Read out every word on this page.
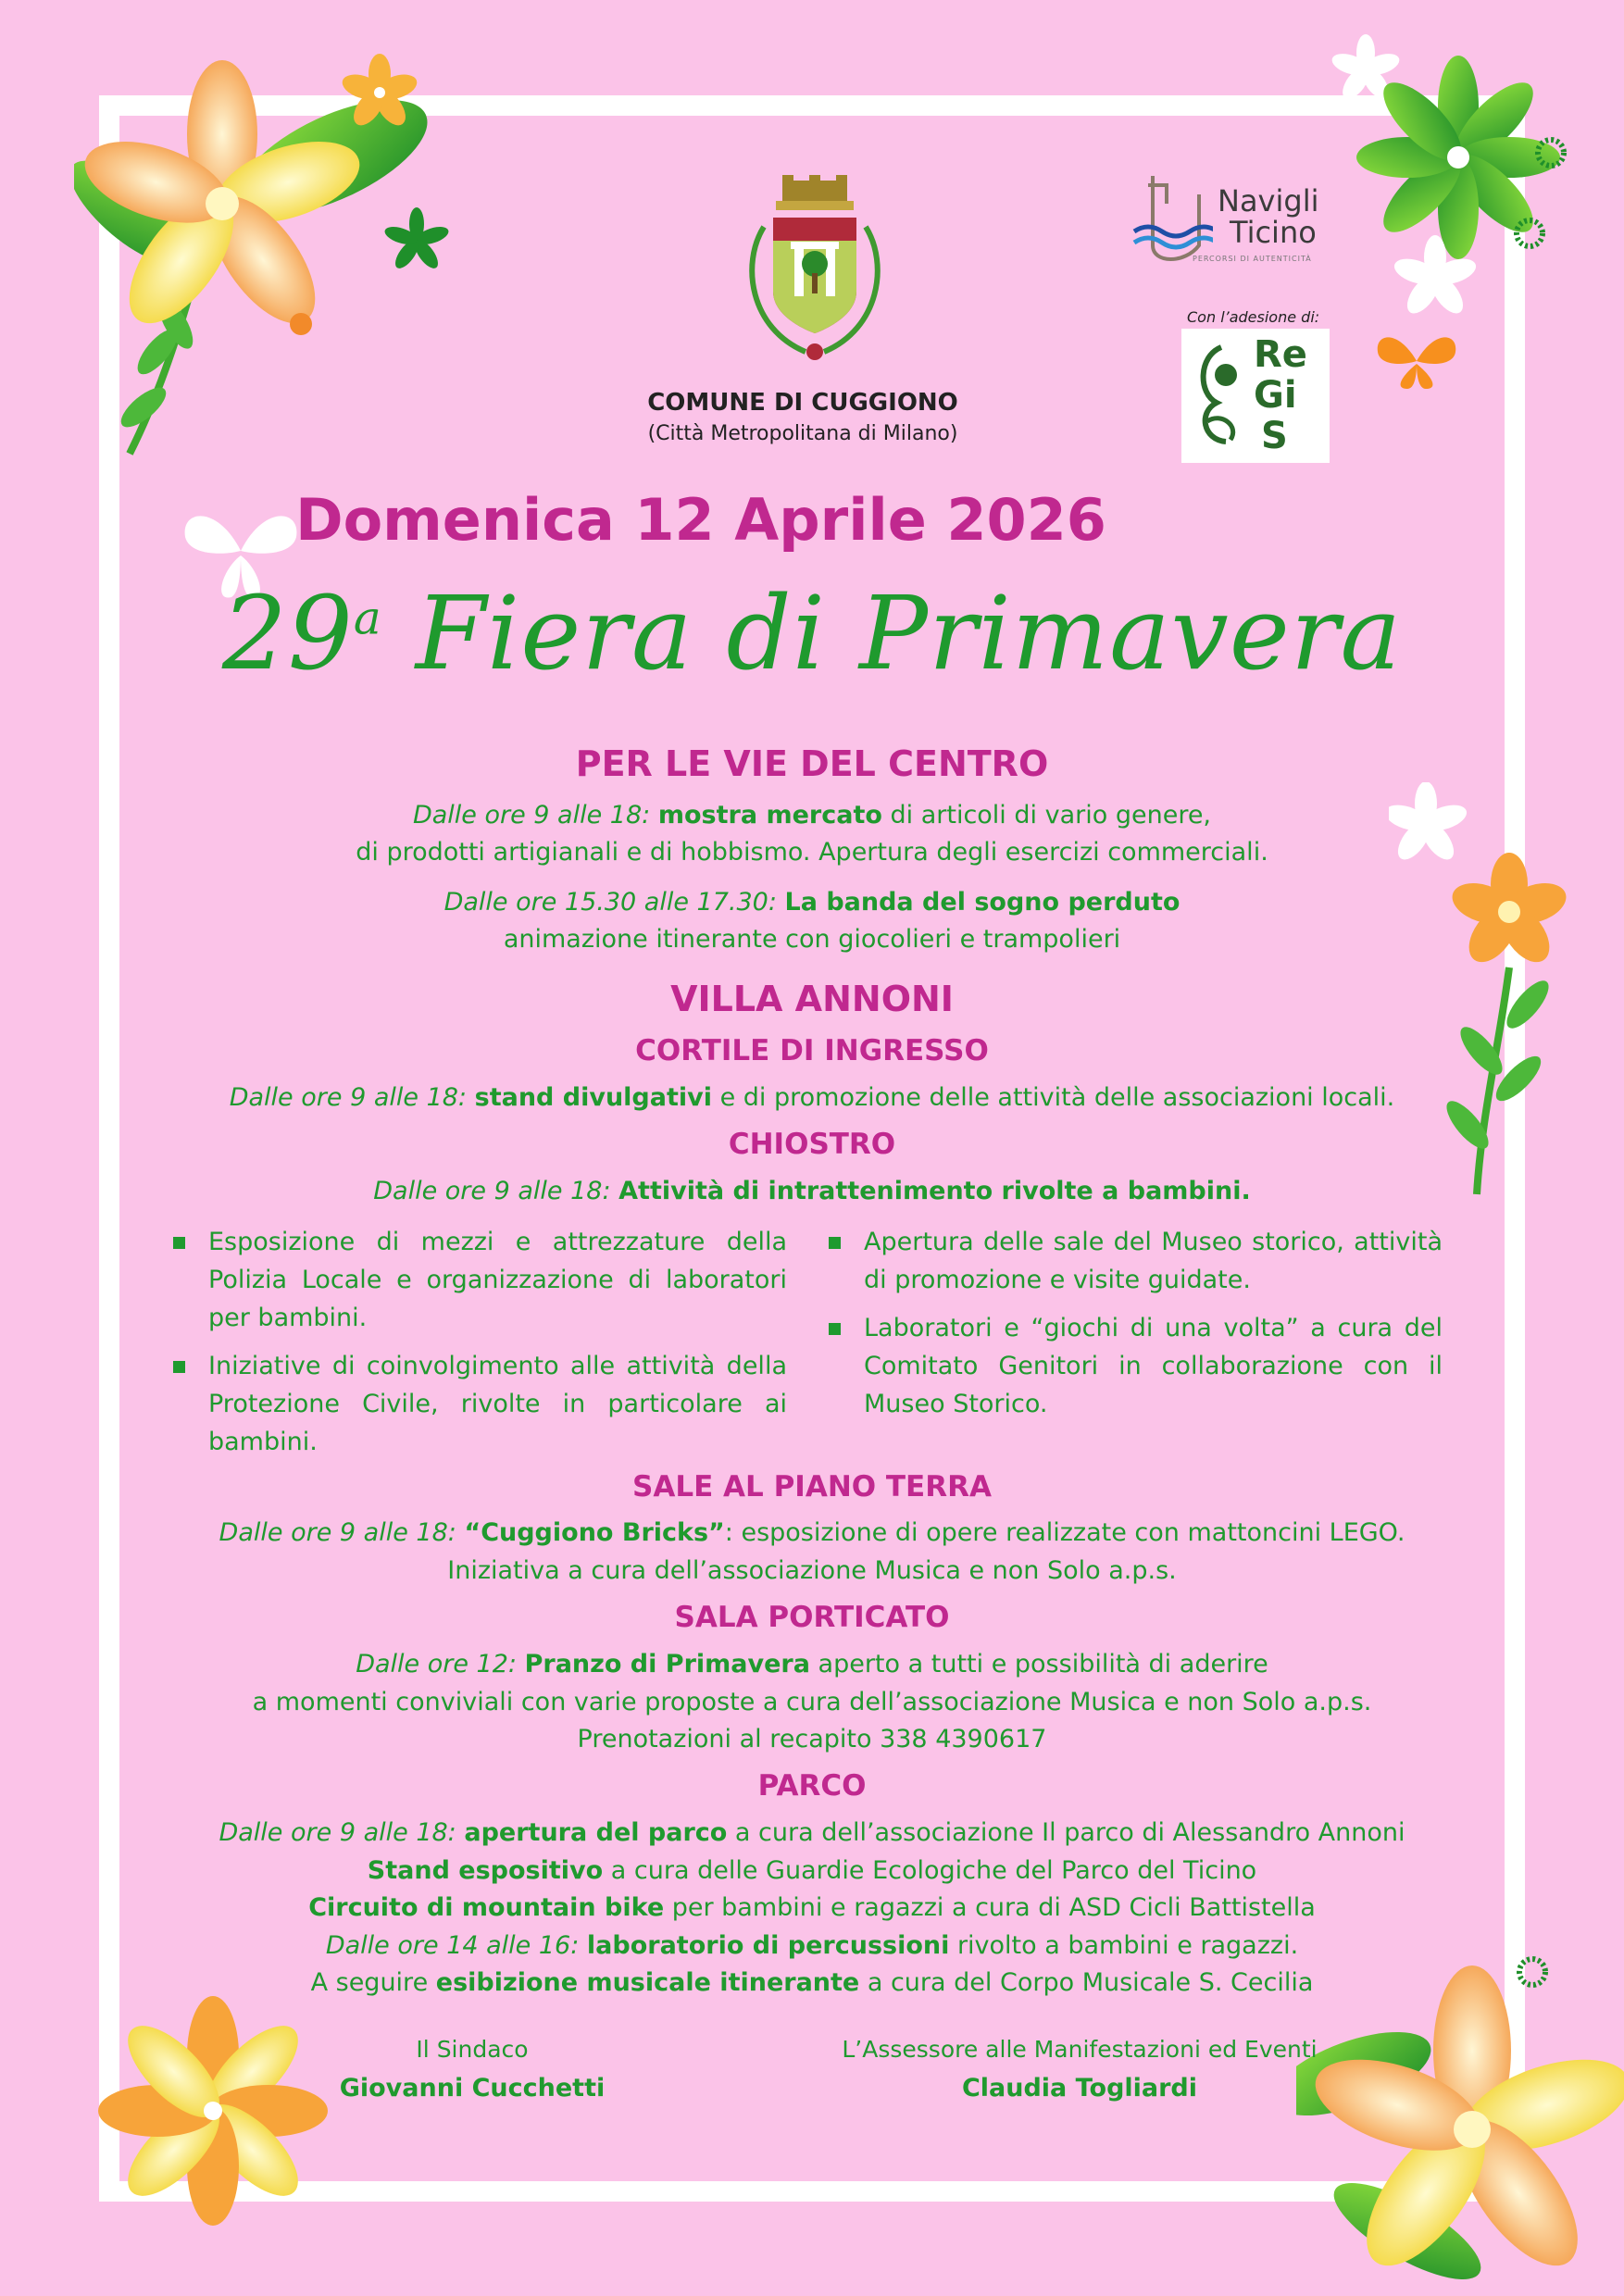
COMUNE DI CUGGIONO
(Città Metropolitana di Milano)
Navigli
Ticino
PERCORSI DI AUTENTICITÀ
Con l’adesione di:
Re
Gi
S
Domenica 12 Aprile 2026
29$^a$ Fiera di Primavera
PER LE VIE DEL CENTRO
Dalle ore 9 alle 18: mostra mercato di articoli di vario genere,
di prodotti artigianali e di hobbismo. Apertura degli esercizi commerciali.
Dalle ore 15.30 alle 17.30: La banda del sogno perduto
animazione itinerante con giocolieri e trampolieri
VILLA ANNONI
CORTILE DI INGRESSO
Dalle ore 9 alle 18: stand divulgativi e di promozione delle attività delle associazioni locali.
CHIOSTRO
Dalle ore 9 alle 18: Attività di intrattenimento rivolte a bambini.
Esposizione di mezzi e attrezzature della Polizia Locale e organizzazione di laboratori per bambini.
Iniziative di coinvolgimento alle attività della Protezione Civile, rivolte in particolare ai bambini.
Apertura delle sale del Museo storico, attività di promozione e visite guidate.
Laboratori e “giochi di una volta” a cura del Comitato Genitori in collaborazione con il Museo Storico.
SALE AL PIANO TERRA
Dalle ore 9 alle 18: “Cuggiono Bricks”: esposizione di opere realizzate con mattoncini LEGO.
Iniziativa a cura dell’associazione Musica e non Solo a.p.s.
SALA PORTICATO
Dalle ore 12: Pranzo di Primavera aperto a tutti e possibilità di aderire
a momenti conviviali con varie proposte a cura dell’associazione Musica e non Solo a.p.s.
Prenotazioni al recapito 338 4390617
PARCO
Dalle ore 9 alle 18: apertura del parco a cura dell’associazione Il parco di Alessandro Annoni
Stand espositivo a cura delle Guardie Ecologiche del Parco del Ticino
Circuito di mountain bike per bambini e ragazzi a cura di ASD Cicli Battistella
Dalle ore 14 alle 16: laboratorio di percussioni rivolto a bambini e ragazzi.
A seguire esibizione musicale itinerante a cura del Corpo Musicale S. Cecilia
Il Sindaco
Giovanni Cucchetti
L’Assessore alle Manifestazioni ed Eventi
Claudia Togliardi
